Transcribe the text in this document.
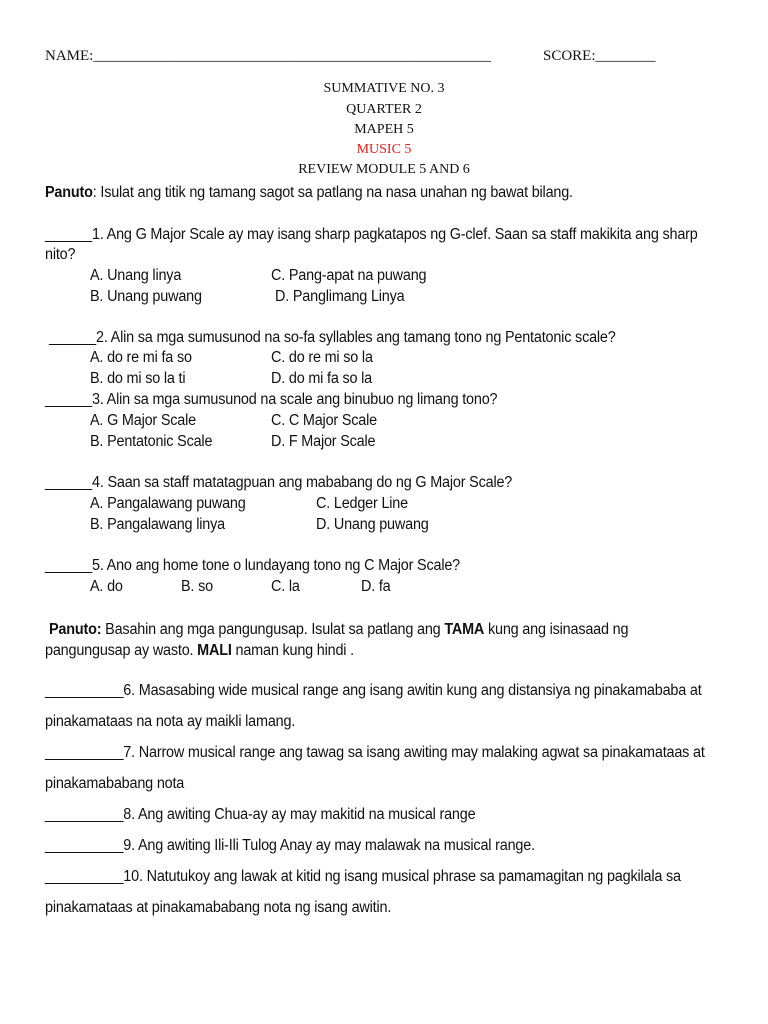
NAME:_____________________________________________________	SCORE:________
SUMMATIVE NO. 3
QUARTER 2
MAPEH 5
MUSIC 5
REVIEW MODULE 5 AND 6
Panuto: Isulat ang titik ng tamang sagot sa patlang na nasa unahan ng bawat bilang.
______1. Ang G Major Scale ay may isang sharp pagkatapos ng G-clef. Saan sa staff makikita ang sharp
nito?
A. Unang linya	C. Pang-apat na puwang
B. Unang puwang	D. Panglimang Linya
______2. Alin sa mga sumusunod na so-fa syllables ang tamang tono ng Pentatonic scale?
A. do re mi fa so	C. do re mi so la
B. do mi so la ti	D. do mi fa so la
______3. Alin sa mga sumusunod na scale ang binubuo ng limang tono?
A. G Major Scale	C. C Major Scale
B. Pentatonic Scale	D. F Major Scale
______4. Saan sa staff matatagpuan ang mababang do ng G Major Scale?
A. Pangalawang puwang	C. Ledger Line
B. Pangalawang linya	D. Unang puwang
______5. Ano ang home tone o lundayang tono ng C Major Scale?
A. do	B. so	C. la	D. fa
Panuto: Basahin ang mga pangungusap. Isulat sa patlang ang TAMA kung ang isinasaad ng
pangungusap ay wasto. MALI naman kung hindi .
__________6. Masasabing wide musical range ang isang awitin kung ang distansiya ng pinakamababa at
pinakamataas na nota ay maikli lamang.
__________7. Narrow musical range ang tawag sa isang awiting may malaking agwat sa pinakamataas at
pinakamababang nota
__________8. Ang awiting Chua-ay ay may makitid na musical range
__________9. Ang awiting Ili-Ili Tulog Anay ay may malawak na musical range.
__________10. Natutukoy ang lawak at kitid ng isang musical phrase sa pamamagitan ng pagkilala sa
pinakamataas at pinakamababang nota ng isang awitin.
